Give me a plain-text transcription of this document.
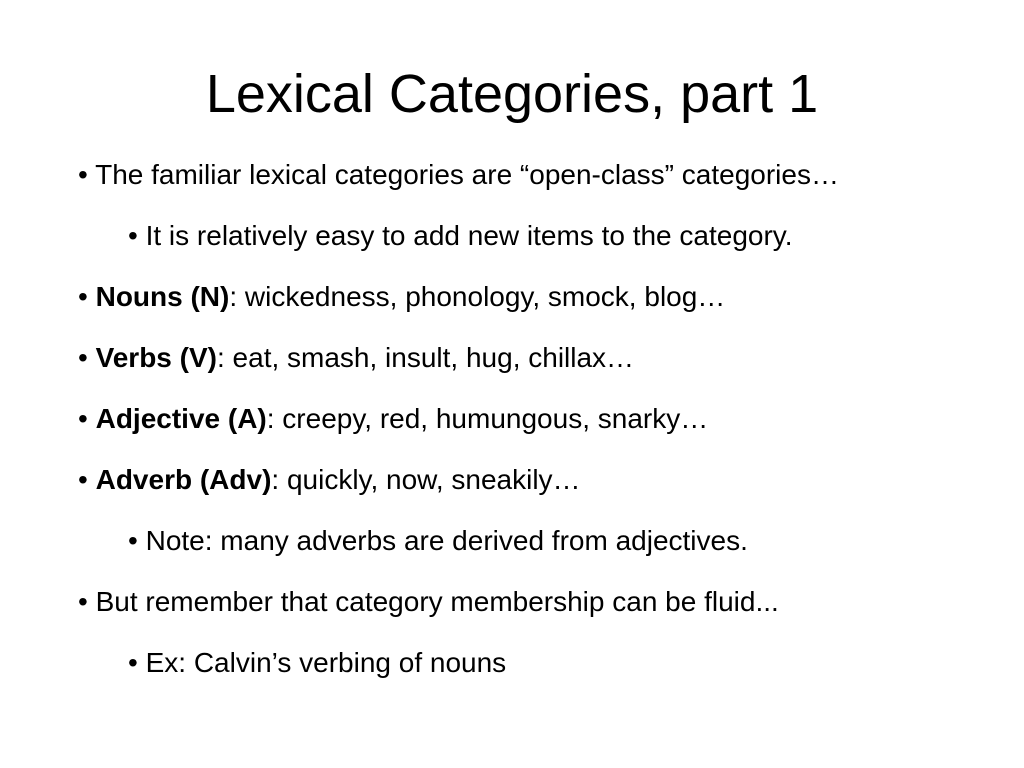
Lexical Categories, part 1
• The familiar lexical categories are “open-class” categories…
• It is relatively easy to add new items to the category.
• Nouns (N): wickedness, phonology, smock, blog…
• Verbs (V): eat, smash, insult, hug, chillax…
• Adjective (A): creepy, red, humungous, snarky…
• Adverb (Adv): quickly, now, sneakily…
• Note: many adverbs are derived from adjectives.
• But remember that category membership can be fluid...
• Ex: Calvin’s verbing of nouns
